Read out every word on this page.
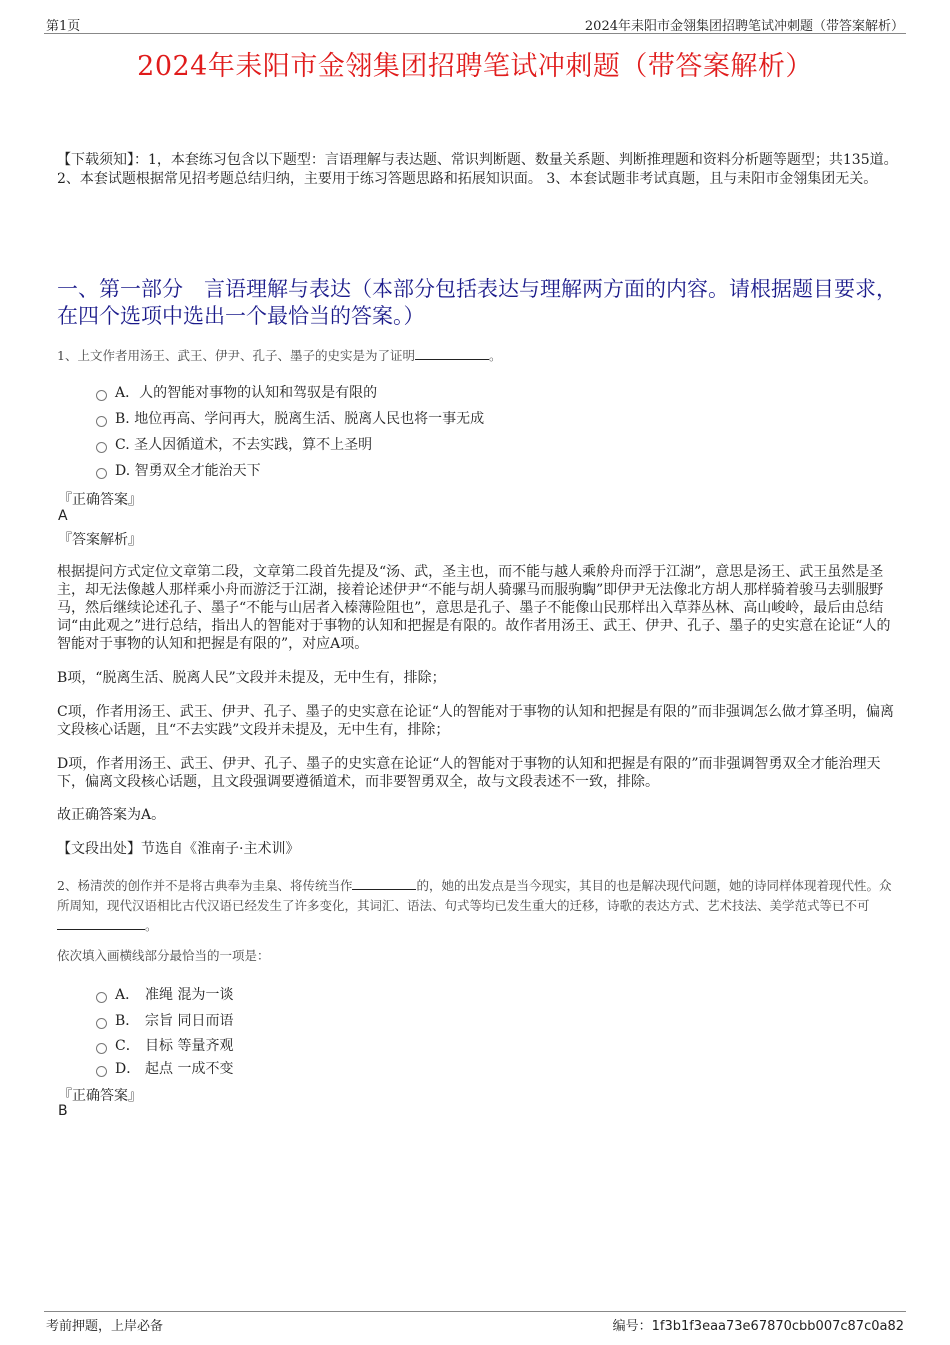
第1页	2024年耒阳市金翎集团招聘笔试冲刺题（带答案解析）
2024年耒阳市金翎集团招聘笔试冲刺题（带答案解析）
【下载须知】：1，本套练习包含以下题型：言语理解与表达题、常识判断题、数量关系题、判断推理题和资料分析题等题型；共135道。 2、本套试题根据常见招考题总结归纳，主要用于练习答题思路和拓展知识面。 3、本套试题非考试真题，且与耒阳市金翎集团无关。
一、第一部分　言语理解与表达（本部分包括表达与理解两方面的内容。请根据题目要求，在四个选项中选出一个最恰当的答案。）
1、上文作者用汤王、武王、伊尹、孔子、墨子的史实是为了证明	。
A．人的智能对事物的认知和驾驭是有限的
B. 地位再高、学问再大，脱离生活、脱离人民也将一事无成
C. 圣人因循道术，不去实践，算不上圣明
D. 智勇双全才能治天下
『正确答案』
A
『答案解析』
根据提问方式定位文章第二段，文章第二段首先提及“汤、武，圣主也，而不能与越人乘舲舟而浮于江湖”，意思是汤王、武王虽然是圣主，却无法像越人那样乘小舟而游泛于江湖，接着论述伊尹“不能与胡人骑骡马而服驹騊”即伊尹无法像北方胡人那样骑着骏马去驯服野马，然后继续论述孔子、墨子“不能与山居者入榛薄险阻也”，意思是孔子、墨子不能像山民那样出入草莽丛林、高山峻岭，最后由总结词“由此观之”进行总结，指出人的智能对于事物的认知和把握是有限的。故作者用汤王、武王、伊尹、孔子、墨子的史实意在论证“人的智能对于事物的认知和把握是有限的”，对应A项。
B项，“脱离生活、脱离人民”文段并未提及，无中生有，排除；
C项，作者用汤王、武王、伊尹、孔子、墨子的史实意在论证“人的智能对于事物的认知和把握是有限的”而非强调怎么做才算圣明，偏离文段核心话题，且“不去实践”文段并未提及，无中生有，排除；
D项，作者用汤王、武王、伊尹、孔子、墨子的史实意在论证“人的智能对于事物的认知和把握是有限的”而非强调智勇双全才能治理天下，偏离文段核心话题，且文段强调要遵循道术，而非要智勇双全，故与文段表述不一致，排除。
故正确答案为A。
【文段出处】节选自《淮南子·主术训》
2、杨清茨的创作并不是将古典奉为圭臬、将传统当作	的，她的出发点是当今现实，其目的也是解决现代问题，她的诗同样体现着现代性。众所周知，现代汉语相比古代汉语已经发生了许多变化，其词汇、语法、句式等均已发生重大的迁移，诗歌的表达方式、艺术技法、美学范式等已不可。
依次填入画横线部分最恰当的一项是：
A． 准绳 混为一谈
B． 宗旨 同日而语
C． 目标 等量齐观
D． 起点 一成不变
『正确答案』
B
考前押题，上岸必备	编号：1f3b1f3eaa73e67870cbb007c87c0a82
